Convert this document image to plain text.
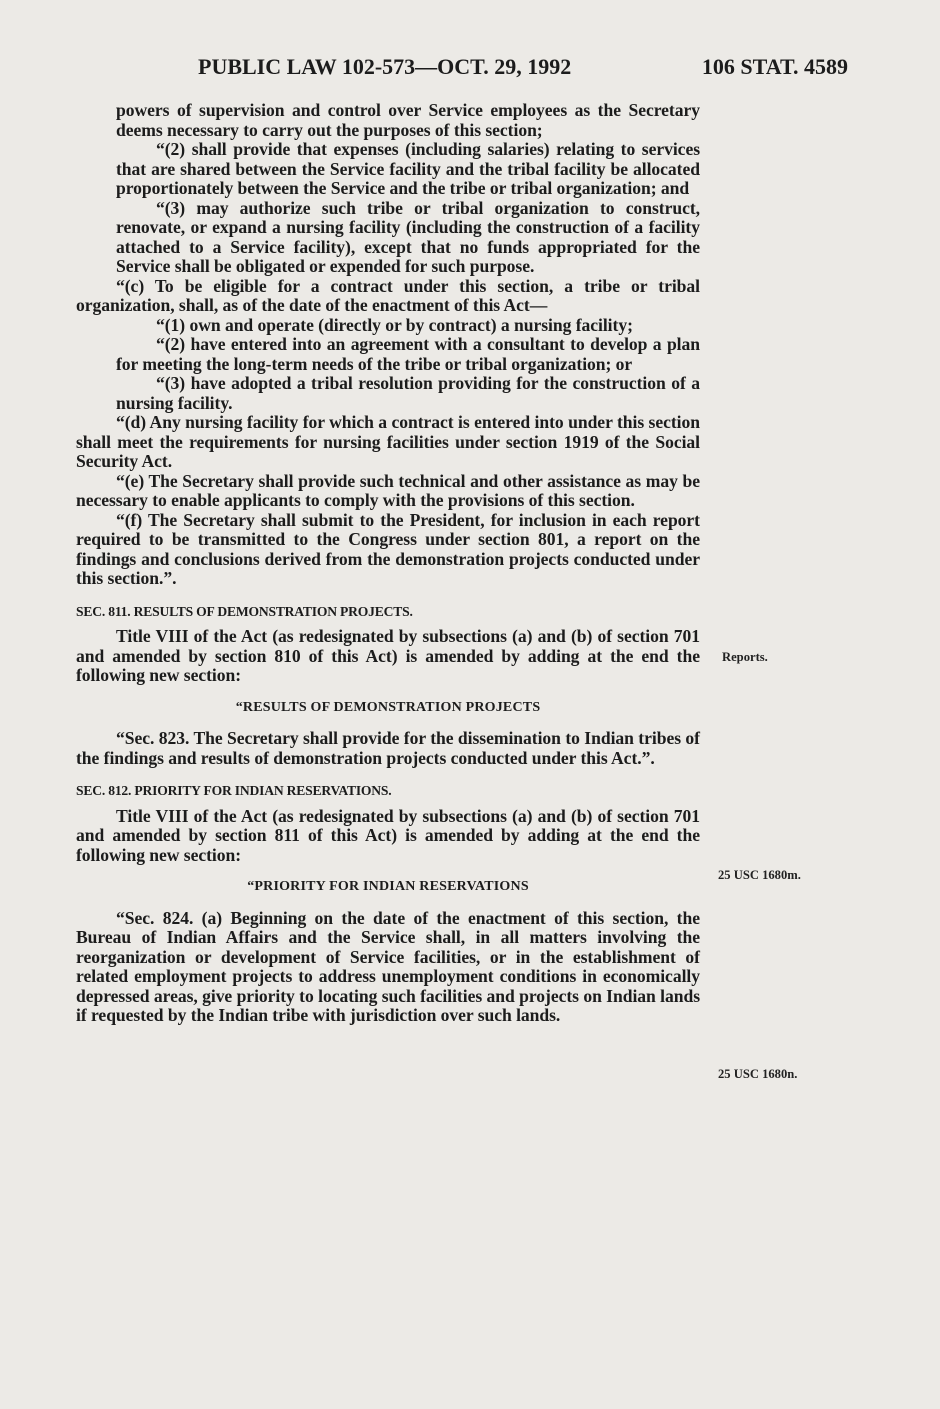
PUBLIC LAW 102-573—OCT. 29, 1992	106 STAT. 4589

powers of supervision and control over Service employees as the Secretary deems necessary to carry out the purposes of this section;

“(2) shall provide that expenses (including salaries) relating to services that are shared between the Service facility and the tribal facility be allocated proportionately between the Service and the tribe or tribal organization; and

“(3) may authorize such tribe or tribal organization to construct, renovate, or expand a nursing facility (including the construction of a facility attached to a Service facility), except that no funds appropriated for the Service shall be obligated or expended for such purpose.

“(c) To be eligible for a contract under this section, a tribe or tribal organization, shall, as of the date of the enactment of this Act—

“(1) own and operate (directly or by contract) a nursing facility;

“(2) have entered into an agreement with a consultant to develop a plan for meeting the long-term needs of the tribe or tribal organization; or

“(3) have adopted a tribal resolution providing for the construction of a nursing facility.

“(d) Any nursing facility for which a contract is entered into under this section shall meet the requirements for nursing facilities under section 1919 of the Social Security Act.

“(e) The Secretary shall provide such technical and other assistance as may be necessary to enable applicants to comply with the provisions of this section.

“(f) The Secretary shall submit to the President, for inclusion in each report required to be transmitted to the Congress under section 801, a report on the findings and conclusions derived from the demonstration projects conducted under this section.”.

SEC. 811. RESULTS OF DEMONSTRATION PROJECTS.

Title VIII of the Act (as redesignated by subsections (a) and (b) of section 701 and amended by section 810 of this Act) is amended by adding at the end the following new section:

“RESULTS OF DEMONSTRATION PROJECTS

“Sec. 823. The Secretary shall provide for the dissemination to Indian tribes of the findings and results of demonstration projects conducted under this Act.”.

SEC. 812. PRIORITY FOR INDIAN RESERVATIONS.

Title VIII of the Act (as redesignated by subsections (a) and (b) of section 701 and amended by section 811 of this Act) is amended by adding at the end the following new section:

“PRIORITY FOR INDIAN RESERVATIONS

“Sec. 824. (a) Beginning on the date of the enactment of this section, the Bureau of Indian Affairs and the Service shall, in all matters involving the reorganization or development of Service facilities, or in the establishment of related employment projects to address unemployment conditions in economically depressed areas, give priority to locating such facilities and projects on Indian lands if requested by the Indian tribe with jurisdiction over such lands.

Reports.
25 USC 1680m.
25 USC 1680n.
